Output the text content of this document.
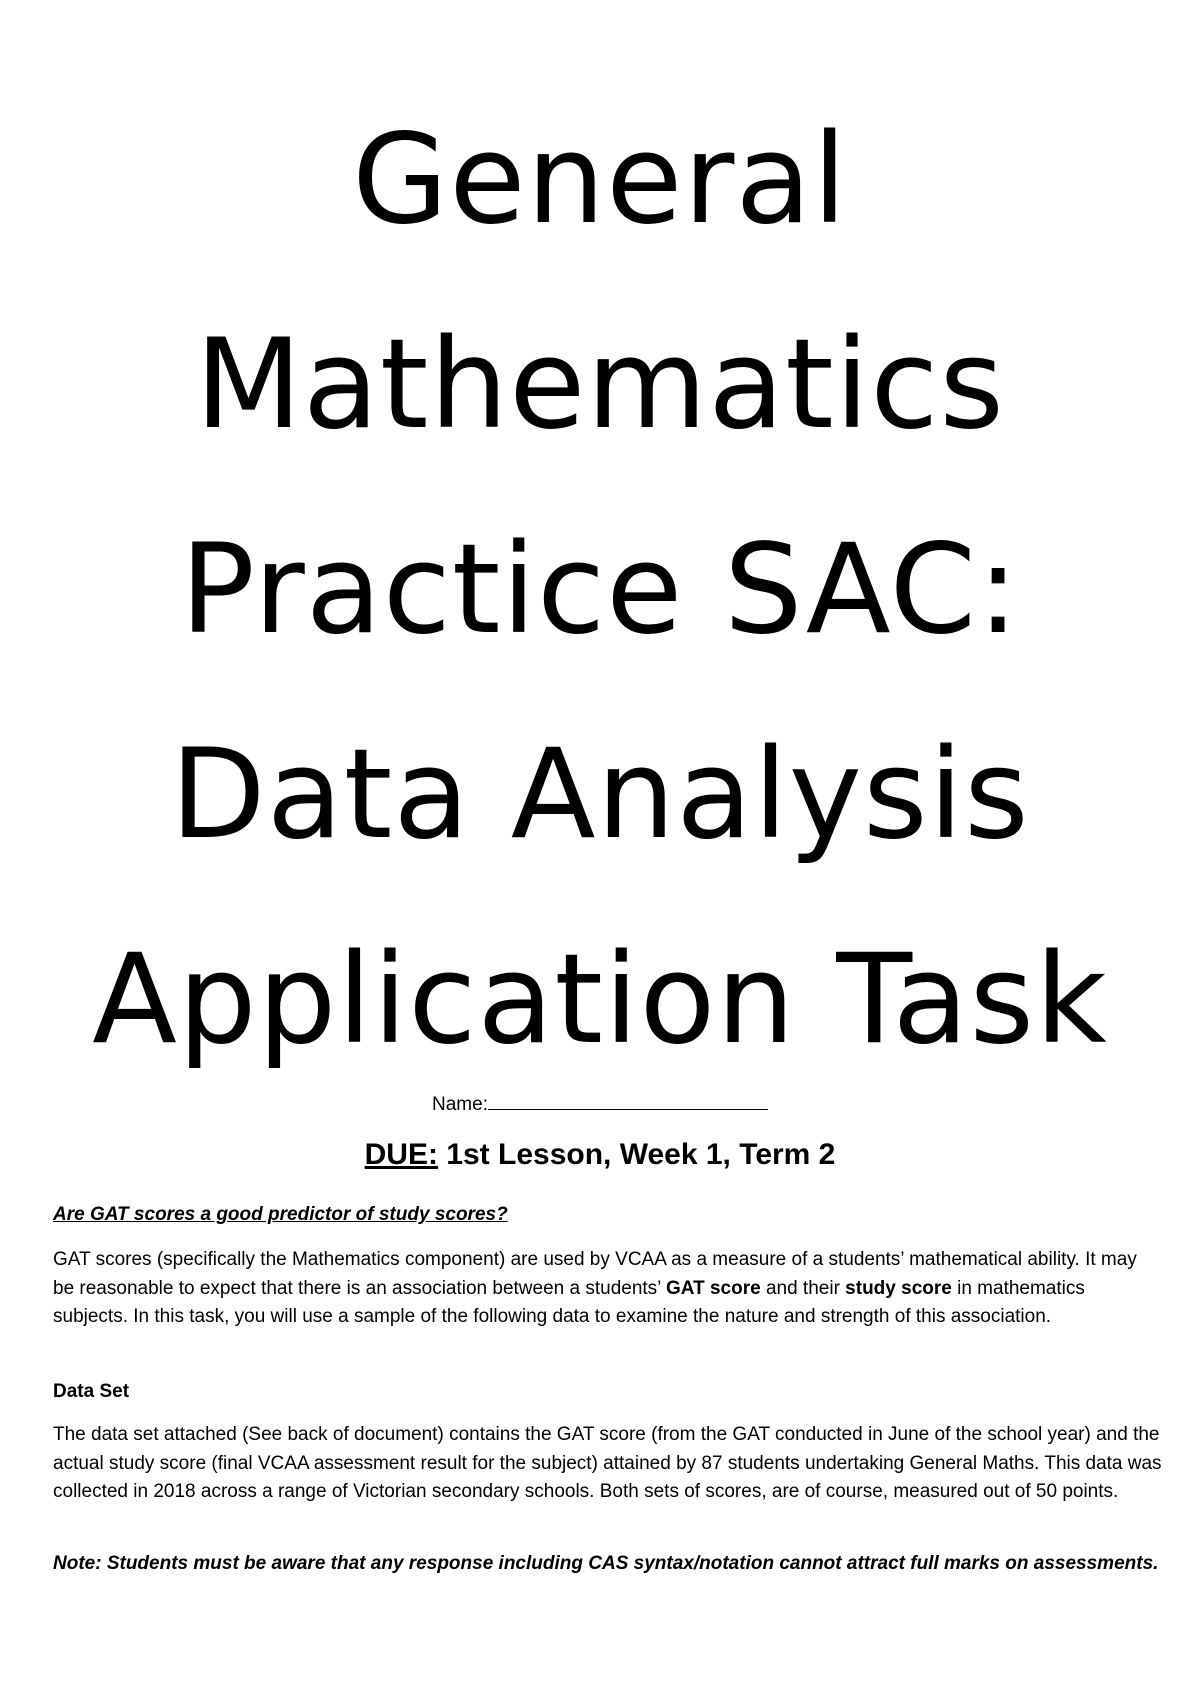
General
Mathematics
Practice SAC:
Data Analysis
Application Task
Name:
DUE: 1st Lesson, Week 1, Term 2
Are GAT scores a good predictor of study scores?
GAT scores (specifically the Mathematics component) are used by VCAA as a measure of a students’ mathematical ability. It may be reasonable to expect that there is an association between a students’ GAT score and their study score in mathematics subjects. In this task, you will use a sample of the following data to examine the nature and strength of this association.
Data Set
The data set attached (See back of document) contains the GAT score (from the GAT conducted in June of the school year) and the actual study score (final VCAA assessment result for the subject) attained by 87 students undertaking General Maths. This data was collected in 2018 across a range of Victorian secondary schools. Both sets of scores, are of course, measured out of 50 points.
Note: Students must be aware that any response including CAS syntax/notation cannot attract full marks on assessments.
